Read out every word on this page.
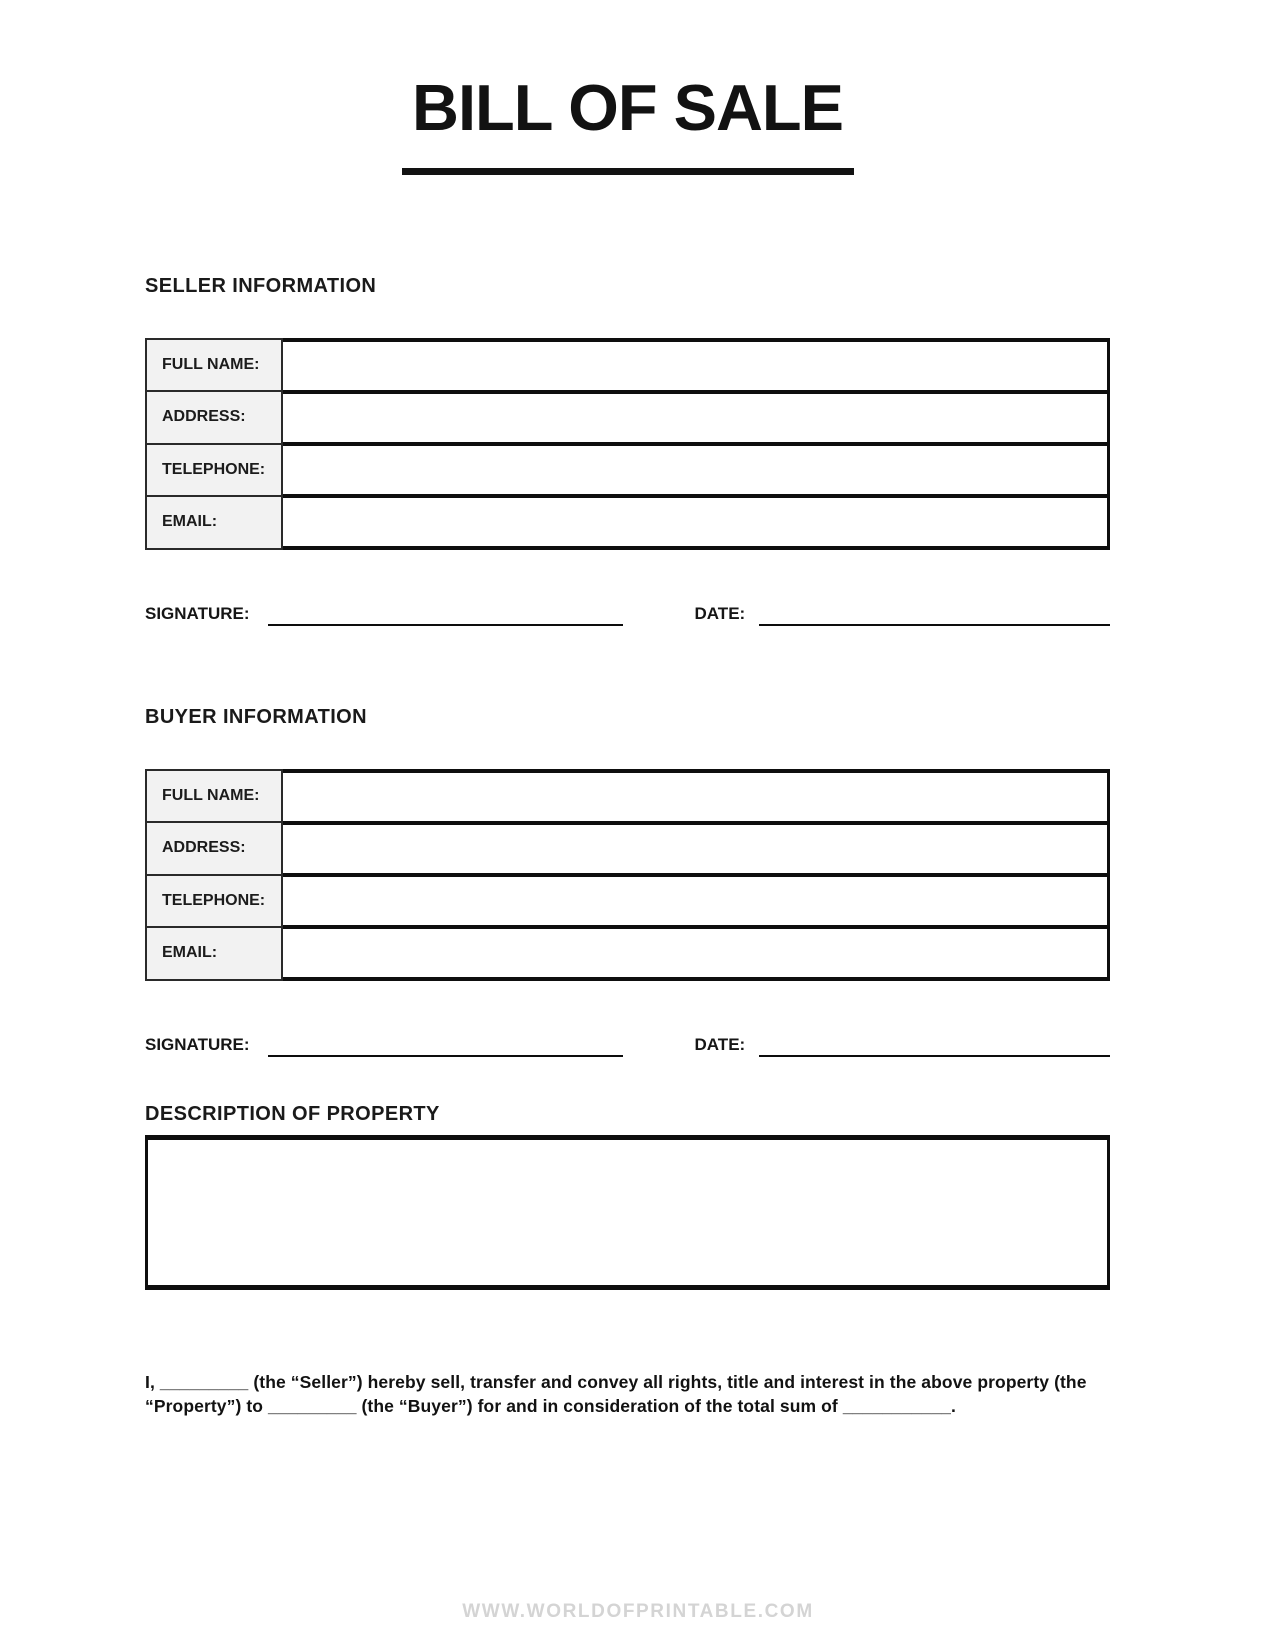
BILL OF SALE
SELLER INFORMATION
FULL NAME:
ADDRESS:
TELEPHONE:
EMAIL:
SIGNATURE:	DATE:
BUYER INFORMATION
FULL NAME:
ADDRESS:
TELEPHONE:
EMAIL:
SIGNATURE:	DATE:
DESCRIPTION OF PROPERTY

I, _________ (the “Seller”) hereby sell, transfer and convey all rights, title and interest in the above property (the “Property”) to _________ (the “Buyer”) for and in consideration of the total sum of ___________.

WWW.WORLDOFPRINTABLE.COM
